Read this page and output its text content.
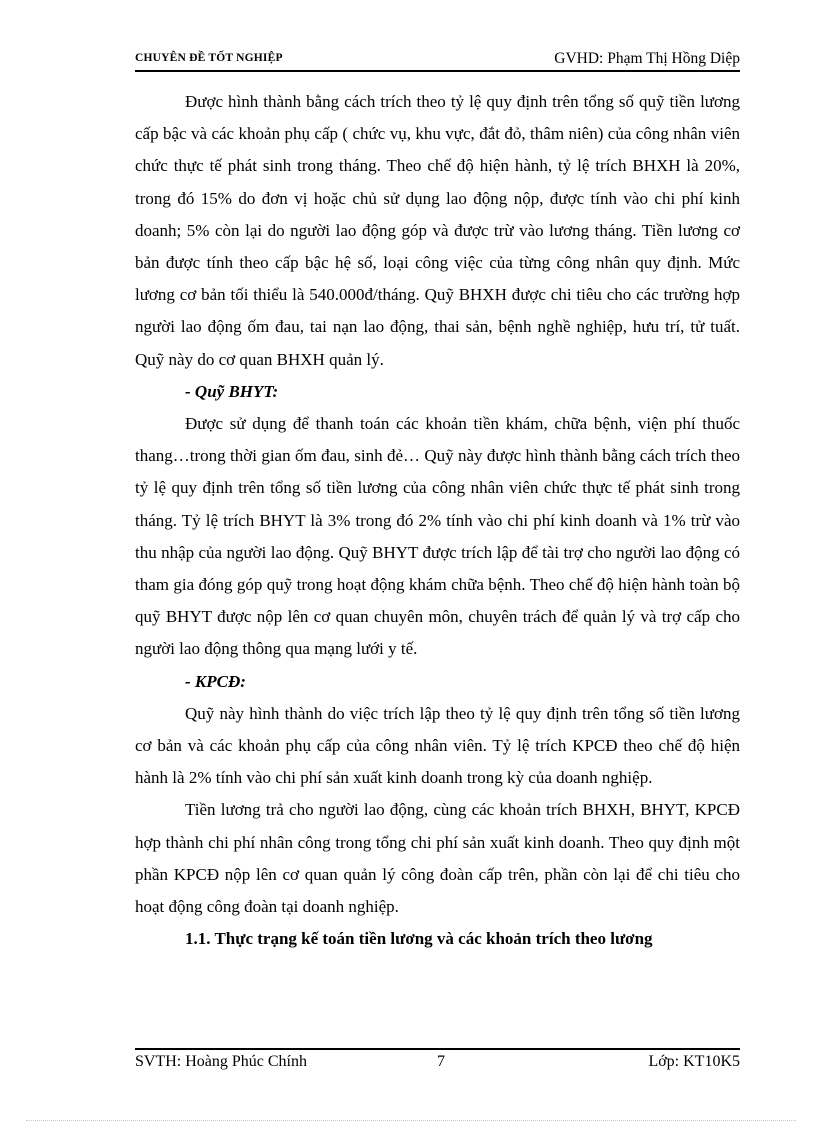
CHUYÊN ĐỀ TỐT NGHIỆP	GVHD: Phạm Thị Hồng Diệp

Được hình thành bằng cách trích theo tỷ lệ quy định trên tổng số quỹ tiền lương cấp bậc và các khoản phụ cấp ( chức vụ, khu vực, đắt đỏ, thâm niên) của công nhân viên chức thực tế phát sinh trong tháng. Theo chế độ hiện hành, tỷ lệ trích BHXH là 20%, trong đó 15% do đơn vị hoặc chủ sử dụng lao động nộp, được tính vào chi phí kinh doanh; 5% còn lại do người lao động góp và được trừ vào lương tháng. Tiền lương cơ bản được tính theo cấp bậc hệ số, loại công việc của từng công nhân quy định. Mức lương cơ bản tối thiểu là 540.000đ/tháng. Quỹ BHXH được chi tiêu cho các trường hợp người lao động ốm đau, tai nạn lao động, thai sản, bệnh nghề nghiệp, hưu trí, tử tuất. Quỹ này do cơ quan BHXH quản lý.

- Quỹ BHYT:

Được sử dụng để thanh toán các khoản tiền khám, chữa bệnh, viện phí thuốc thang…trong thời gian ốm đau, sinh đẻ… Quỹ này được hình thành bằng cách trích theo tỷ lệ quy định trên tổng số tiền lương của công nhân viên chức thực tế phát sinh trong tháng. Tỷ lệ trích BHYT là 3% trong đó 2% tính vào chi phí kinh doanh và 1% trừ vào thu nhập của người lao động. Quỹ BHYT được trích lập để tài trợ cho người lao động có tham gia đóng góp quỹ trong hoạt động khám chữa bệnh. Theo chế độ hiện hành toàn bộ quỹ BHYT được nộp lên cơ quan chuyên môn, chuyên trách để quản lý và trợ cấp cho người lao động thông qua mạng lưới y tế.

- KPCĐ:

Quỹ này hình thành do việc trích lập theo tỷ lệ quy định trên tổng số tiền lương cơ bản và các khoản phụ cấp của công nhân viên. Tỷ lệ trích KPCĐ theo chế độ hiện hành là 2% tính vào chi phí sản xuất kinh doanh trong kỳ của doanh nghiệp.

Tiền lương trả cho người lao động, cùng các khoản trích BHXH, BHYT, KPCĐ hợp thành chi phí nhân công trong tổng chi phí sản xuất kinh doanh. Theo quy định một phần KPCĐ nộp lên cơ quan quản lý công đoàn cấp trên, phần còn lại để chi tiêu cho hoạt động công đoàn tại doanh nghiệp.

1.1. Thực trạng kế toán tiền lương và các khoản trích theo lương

SVTH: Hoàng Phúc Chính	7	Lớp: KT10K5
